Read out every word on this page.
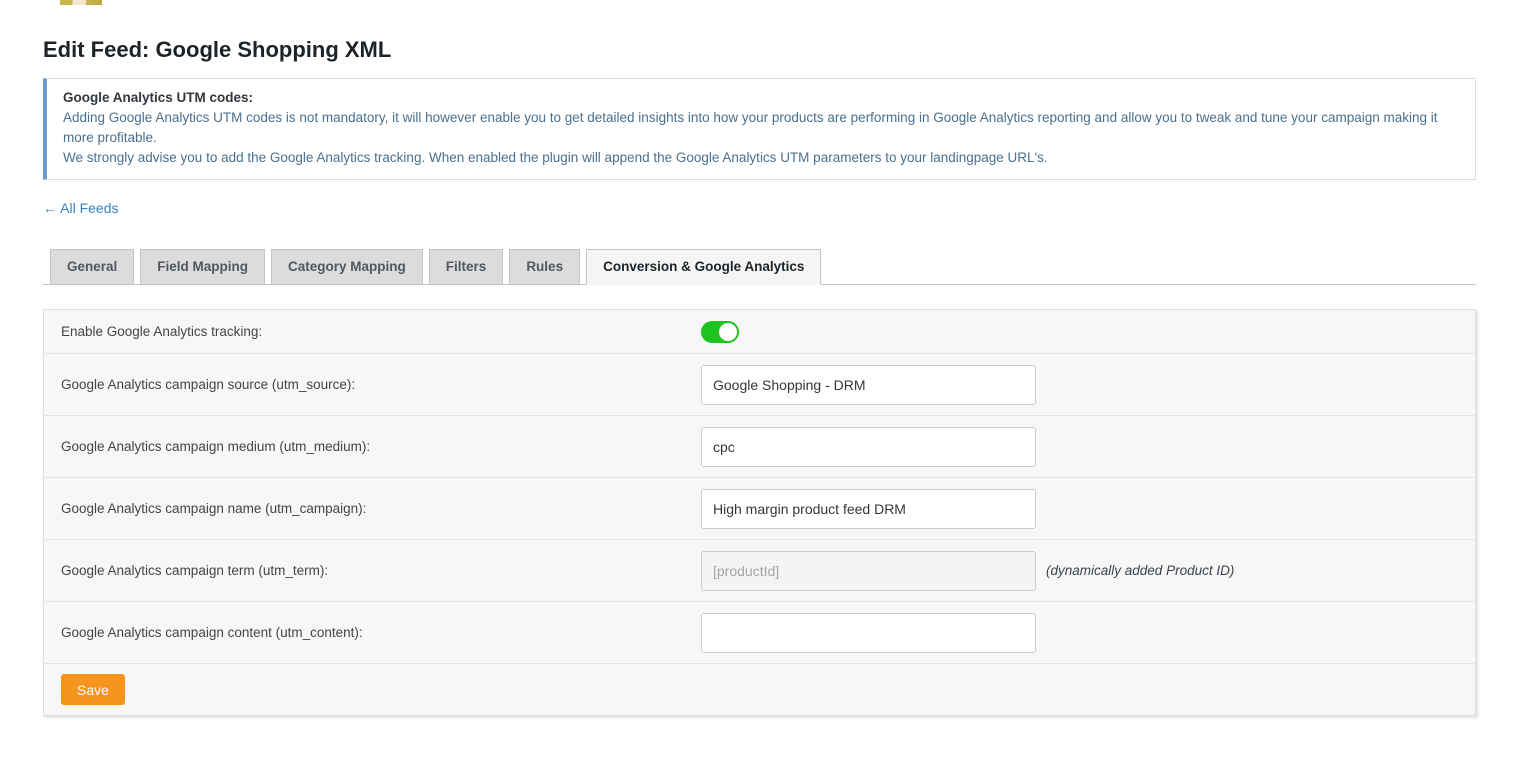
Edit Feed: Google Shopping XML
Google Analytics UTM codes:
Adding Google Analytics UTM codes is not mandatory, it will however enable you to get detailed insights into how your products are performing in Google Analytics reporting and allow you to tweak and tune your campaign making it more profitable.
We strongly advise you to add the Google Analytics tracking. When enabled the plugin will append the Google Analytics UTM parameters to your landingpage URL's.
← All Feeds
General	Field Mapping	Category Mapping	Filters	Rules	Conversion & Google Analytics
Enable Google Analytics tracking:
Google Analytics campaign source (utm_source):
Google Shopping - DRM
Google Analytics campaign medium (utm_medium):
cpc
Google Analytics campaign name (utm_campaign):
High margin product feed DRM
Google Analytics campaign term (utm_term):
[productId]	(dynamically added Product ID)
Google Analytics campaign content (utm_content):
Save
